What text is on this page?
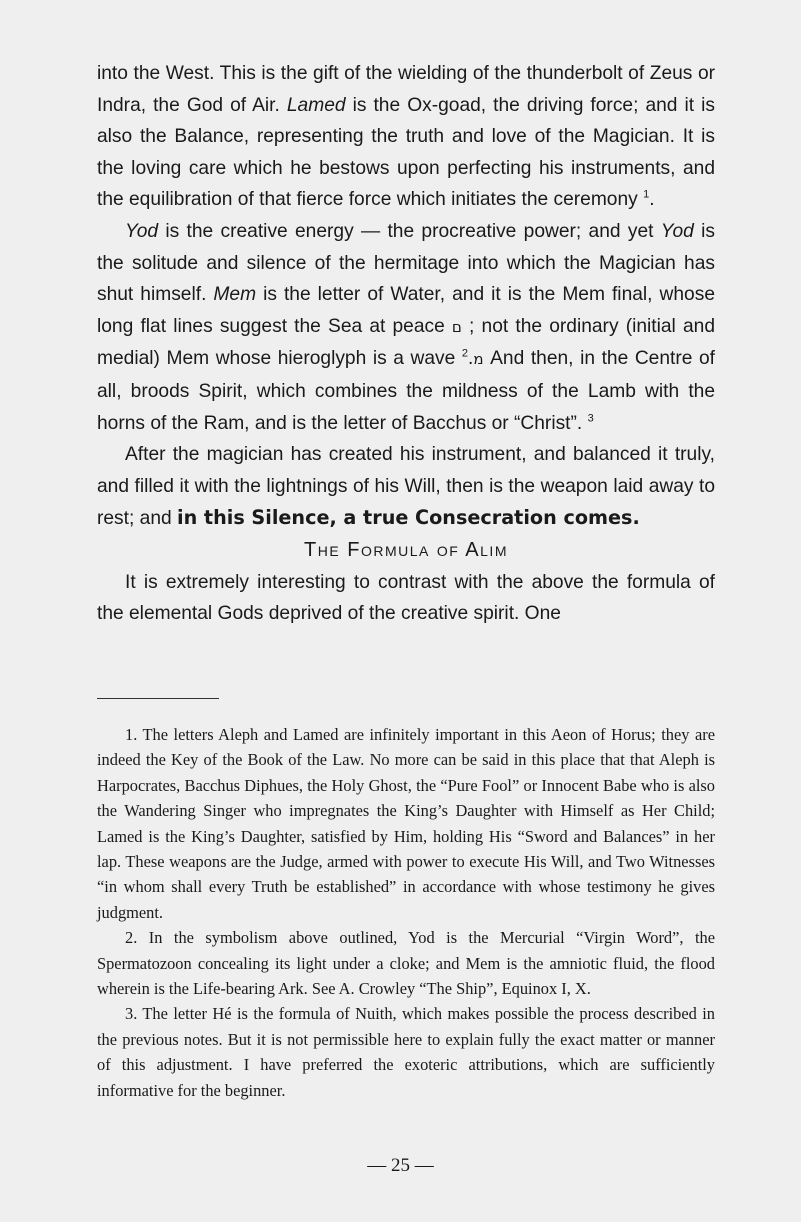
into the West. This is the gift of the wielding of the thunderbolt of Zeus or Indra, the God of Air. Lamed is the Ox-goad, the driving force; and it is also the Balance, representing the truth and love of the Magician. It is the loving care which he bestows upon perfecting his instruments, and the equilibration of that fierce force which initiates the ceremony $^1$.

Yod is the creative energy — the procreative power; and yet Yod is the solitude and silence of the hermitage into which the Magician has shut himself. Mem is the letter of Water, and it is the Mem final, whose long flat lines suggest the Sea at peace ם ; not the ordinary (initial and medial) Mem whose hieroglyph is a wave מ.$^2$ And then, in the Centre of all, broods Spirit, which combines the mildness of the Lamb with the horns of the Ram, and is the letter of Bacchus or “Christ”. $^3$

After the magician has created his instrument, and balanced it truly, and filled it with the lightnings of his Will, then is the weapon laid away to rest; and in this Silence, a true Consecration comes.

The Formula of Alim

It is extremely interesting to contrast with the above the formula of the elemental Gods deprived of the creative spirit. One

1. The letters Aleph and Lamed are infinitely important in this Aeon of Horus; they are indeed the Key of the Book of the Law. No more can be said in this place that that Aleph is Harpocrates, Bacchus Diphues, the Holy Ghost, the “Pure Fool” or Innocent Babe who is also the Wandering Singer who impregnates the King’s Daughter with Himself as Her Child; Lamed is the King’s Daughter, satisfied by Him, holding His “Sword and Balances” in her lap. These weapons are the Judge, armed with power to execute His Will, and Two Witnesses “in whom shall every Truth be established” in accordance with whose testimony he gives judgment.

2. In the symbolism above outlined, Yod is the Mercurial “Virgin Word”, the Spermatozoon concealing its light under a cloke; and Mem is the amniotic fluid, the flood wherein is the Life-bearing Ark. See A. Crowley “The Ship”, Equinox I, X.

3. The letter Hé is the formula of Nuith, which makes possible the process described in the previous notes. But it is not permissible here to explain fully the exact matter or manner of this adjustment. I have preferred the exoteric attributions, which are sufficiently informative for the beginner.

— 25 —
